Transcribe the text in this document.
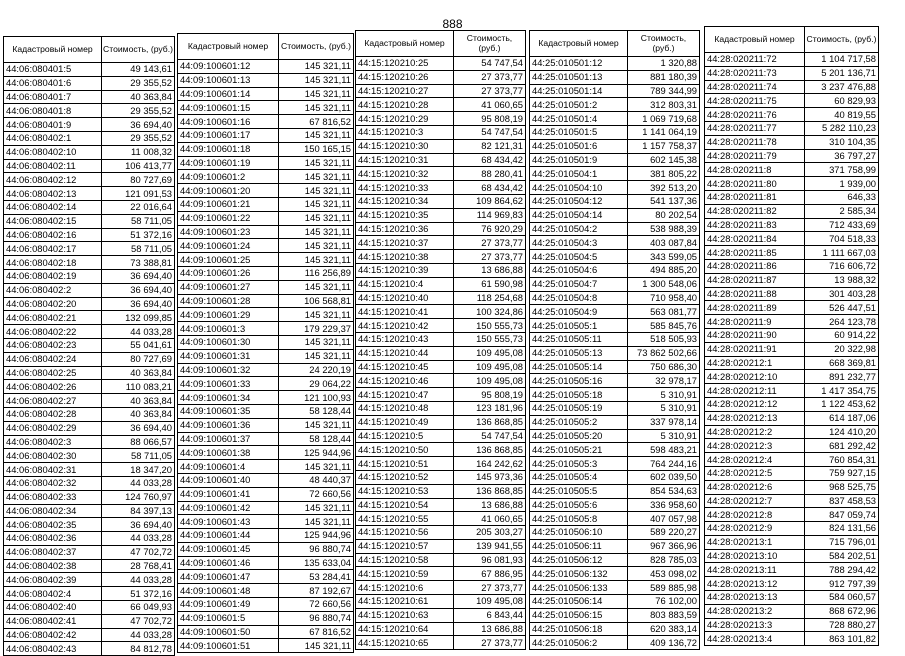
888
Кадастровый номер	Стоимость, (руб.)
44:06:080401:5	49 143,61
44:06:080401:6	29 355,52
44:06:080401:7	40 363,84
44:06:080401:8	29 355,52
44:06:080401:9	36 694,40
44:06:080402:1	29 355,52
44:06:080402:10	11 008,32
44:06:080402:11	106 413,77
44:06:080402:12	80 727,69
44:06:080402:13	121 091,53
44:06:080402:14	22 016,64
44:06:080402:15	58 711,05
44:06:080402:16	51 372,16
44:06:080402:17	58 711,05
44:06:080402:18	73 388,81
44:06:080402:19	36 694,40
44:06:080402:2	36 694,40
44:06:080402:20	36 694,40
44:06:080402:21	132 099,85
44:06:080402:22	44 033,28
44:06:080402:23	55 041,61
44:06:080402:24	80 727,69
44:06:080402:25	40 363,84
44:06:080402:26	110 083,21
44:06:080402:27	40 363,84
44:06:080402:28	40 363,84
44:06:080402:29	36 694,40
44:06:080402:3	88 066,57
44:06:080402:30	58 711,05
44:06:080402:31	18 347,20
44:06:080402:32	44 033,28
44:06:080402:33	124 760,97
44:06:080402:34	84 397,13
44:06:080402:35	36 694,40
44:06:080402:36	44 033,28
44:06:080402:37	47 702,72
44:06:080402:38	28 768,41
44:06:080402:39	44 033,28
44:06:080402:4	51 372,16
44:06:080402:40	66 049,93
44:06:080402:41	47 702,72
44:06:080402:42	44 033,28
44:06:080402:43	84 812,78
Кадастровый номер	Стоимость, (руб.)
44:09:100601:12	145 321,11
44:09:100601:13	145 321,11
44:09:100601:14	145 321,11
44:09:100601:15	145 321,11
44:09:100601:16	67 816,52
44:09:100601:17	145 321,11
44:09:100601:18	150 165,15
44:09:100601:19	145 321,11
44:09:100601:2	145 321,11
44:09:100601:20	145 321,11
44:09:100601:21	145 321,11
44:09:100601:22	145 321,11
44:09:100601:23	145 321,11
44:09:100601:24	145 321,11
44:09:100601:25	145 321,11
44:09:100601:26	116 256,89
44:09:100601:27	145 321,11
44:09:100601:28	106 568,81
44:09:100601:29	145 321,11
44:09:100601:3	179 229,37
44:09:100601:30	145 321,11
44:09:100601:31	145 321,11
44:09:100601:32	24 220,19
44:09:100601:33	29 064,22
44:09:100601:34	121 100,93
44:09:100601:35	58 128,44
44:09:100601:36	145 321,11
44:09:100601:37	58 128,44
44:09:100601:38	125 944,96
44:09:100601:4	145 321,11
44:09:100601:40	48 440,37
44:09:100601:41	72 660,56
44:09:100601:42	145 321,11
44:09:100601:43	145 321,11
44:09:100601:44	125 944,96
44:09:100601:45	96 880,74
44:09:100601:46	135 633,04
44:09:100601:47	53 284,41
44:09:100601:48	87 192,67
44:09:100601:49	72 660,56
44:09:100601:5	96 880,74
44:09:100601:50	67 816,52
44:09:100601:51	145 321,11
Кадастровый номер	Стоимость, (руб.)
44:15:120210:25	54 747,54
44:15:120210:26	27 373,77
44:15:120210:27	27 373,77
44:15:120210:28	41 060,65
44:15:120210:29	95 808,19
44:15:120210:3	54 747,54
44:15:120210:30	82 121,31
44:15:120210:31	68 434,42
44:15:120210:32	88 280,41
44:15:120210:33	68 434,42
44:15:120210:34	109 864,62
44:15:120210:35	114 969,83
44:15:120210:36	76 920,29
44:15:120210:37	27 373,77
44:15:120210:38	27 373,77
44:15:120210:39	13 686,88
44:15:120210:4	61 590,98
44:15:120210:40	118 254,68
44:15:120210:41	100 324,86
44:15:120210:42	150 555,73
44:15:120210:43	150 555,73
44:15:120210:44	109 495,08
44:15:120210:45	109 495,08
44:15:120210:46	109 495,08
44:15:120210:47	95 808,19
44:15:120210:48	123 181,96
44:15:120210:49	136 868,85
44:15:120210:5	54 747,54
44:15:120210:50	136 868,85
44:15:120210:51	164 242,62
44:15:120210:52	145 973,36
44:15:120210:53	136 868,85
44:15:120210:54	13 686,88
44:15:120210:55	41 060,65
44:15:120210:56	205 303,27
44:15:120210:57	139 941,55
44:15:120210:58	96 081,93
44:15:120210:59	67 886,95
44:15:120210:6	27 373,77
44:15:120210:61	109 495,08
44:15:120210:63	6 843,44
44:15:120210:64	13 686,88
44:15:120210:65	27 373,77
Кадастровый номер	Стоимость, (руб.)
44:25:010501:12	1 320,88
44:25:010501:13	881 180,39
44:25:010501:14	789 344,99
44:25:010501:2	312 803,31
44:25:010501:4	1 069 719,68
44:25:010501:5	1 141 064,19
44:25:010501:6	1 157 758,37
44:25:010501:9	602 145,38
44:25:010504:1	381 805,22
44:25:010504:10	392 513,20
44:25:010504:12	541 137,36
44:25:010504:14	80 202,54
44:25:010504:2	538 988,39
44:25:010504:3	403 087,84
44:25:010504:5	343 599,05
44:25:010504:6	494 885,20
44:25:010504:7	1 300 548,06
44:25:010504:8	710 958,40
44:25:010504:9	563 081,77
44:25:010505:1	585 845,76
44:25:010505:11	518 505,93
44:25:010505:13	73 862 502,66
44:25:010505:14	750 686,30
44:25:010505:16	32 978,17
44:25:010505:18	5 310,91
44:25:010505:19	5 310,91
44:25:010505:2	337 978,14
44:25:010505:20	5 310,91
44:25:010505:21	598 483,21
44:25:010505:3	764 244,16
44:25:010505:4	602 039,50
44:25:010505:5	854 534,63
44:25:010505:6	336 958,60
44:25:010505:8	407 057,98
44:25:010506:10	589 220,27
44:25:010506:11	967 366,96
44:25:010506:12	828 785,03
44:25:010506:132	453 098,02
44:25:010506:133	589 885,98
44:25:010506:14	76 102,00
44:25:010506:15	803 883,59
44:25:010506:18	620 383,14
44:25:010506:2	409 136,72
Кадастровый номер	Стоимость, (руб.)
44:28:020211:72	1 104 717,58
44:28:020211:73	5 201 136,71
44:28:020211:74	3 237 476,88
44:28:020211:75	60 829,93
44:28:020211:76	40 819,55
44:28:020211:77	5 282 110,23
44:28:020211:78	310 104,35
44:28:020211:79	36 797,27
44:28:020211:8	371 758,99
44:28:020211:80	1 939,00
44:28:020211:81	646,33
44:28:020211:82	2 585,34
44:28:020211:83	712 433,69
44:28:020211:84	704 518,33
44:28:020211:85	1 111 667,03
44:28:020211:86	716 606,72
44:28:020211:87	13 988,32
44:28:020211:88	301 403,28
44:28:020211:89	526 447,51
44:28:020211:9	264 123,78
44:28:020211:90	60 914,22
44:28:020211:91	20 322,98
44:28:020212:1	668 369,81
44:28:020212:10	891 232,77
44:28:020212:11	1 417 354,75
44:28:020212:12	1 122 453,62
44:28:020212:13	614 187,06
44:28:020212:2	124 410,20
44:28:020212:3	681 292,42
44:28:020212:4	760 854,31
44:28:020212:5	759 927,15
44:28:020212:6	968 525,75
44:28:020212:7	837 458,53
44:28:020212:8	847 059,74
44:28:020212:9	824 131,56
44:28:020213:1	715 796,01
44:28:020213:10	584 202,51
44:28:020213:11	788 294,42
44:28:020213:12	912 797,39
44:28:020213:13	584 060,57
44:28:020213:2	868 672,96
44:28:020213:3	728 880,27
44:28:020213:4	863 101,82
